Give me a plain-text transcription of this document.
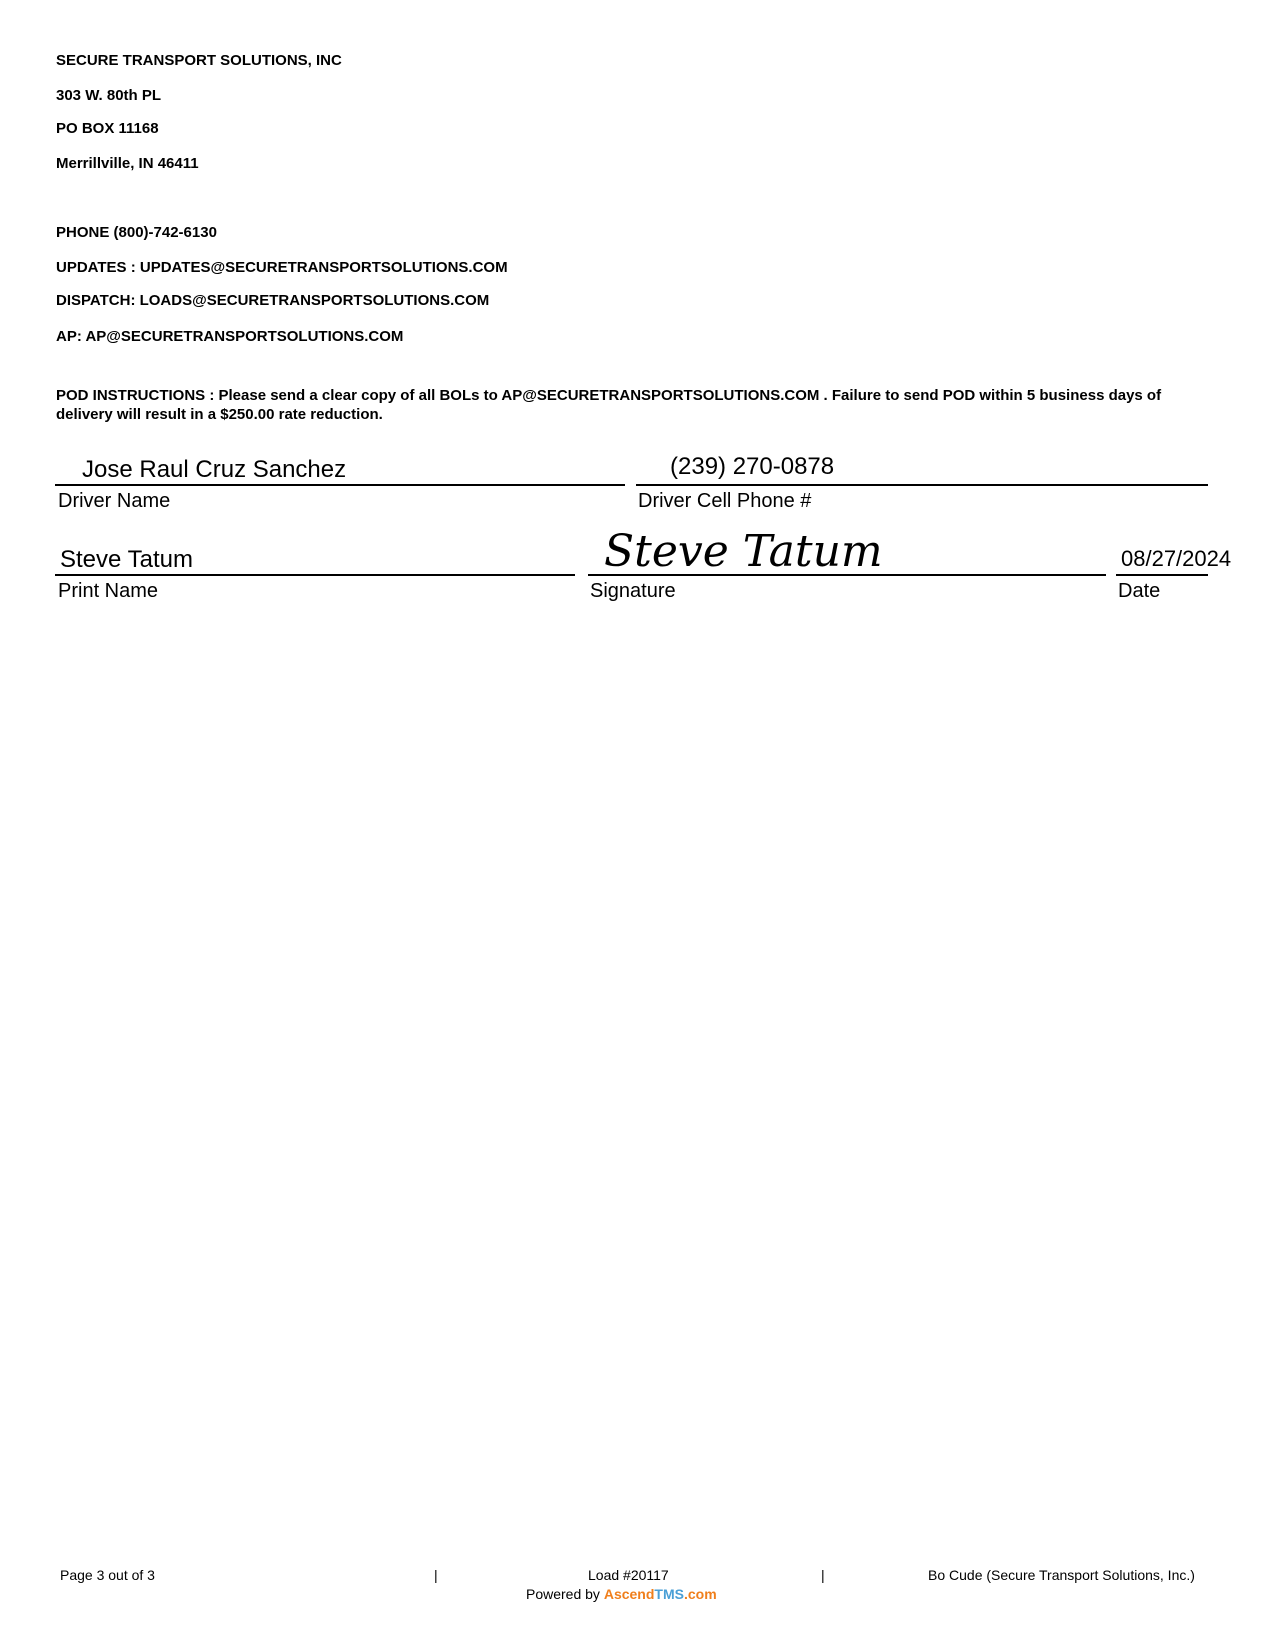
SECURE TRANSPORT SOLUTIONS, INC
303 W. 80th PL
PO BOX 11168
Merrillville, IN 46411
PHONE (800)-742-6130
UPDATES : UPDATES@SECURETRANSPORTSOLUTIONS.COM
DISPATCH: LOADS@SECURETRANSPORTSOLUTIONS.COM
AP: AP@SECURETRANSPORTSOLUTIONS.COM
POD INSTRUCTIONS : Please send a clear copy of all BOLs to AP@SECURETRANSPORTSOLUTIONS.COM . Failure to send POD within 5 business days of delivery will result in a $250.00 rate reduction.
Jose Raul Cruz Sanchez
Driver Name
(239) 270-0878
Driver Cell Phone #
Steve Tatum
Print Name
Steve Tatum
Signature
08/27/2024
Date
Page 3 out of 3	|	Load #20117	|	Bo Cude (Secure Transport Solutions, Inc.)
Powered by AscendTMS.com
